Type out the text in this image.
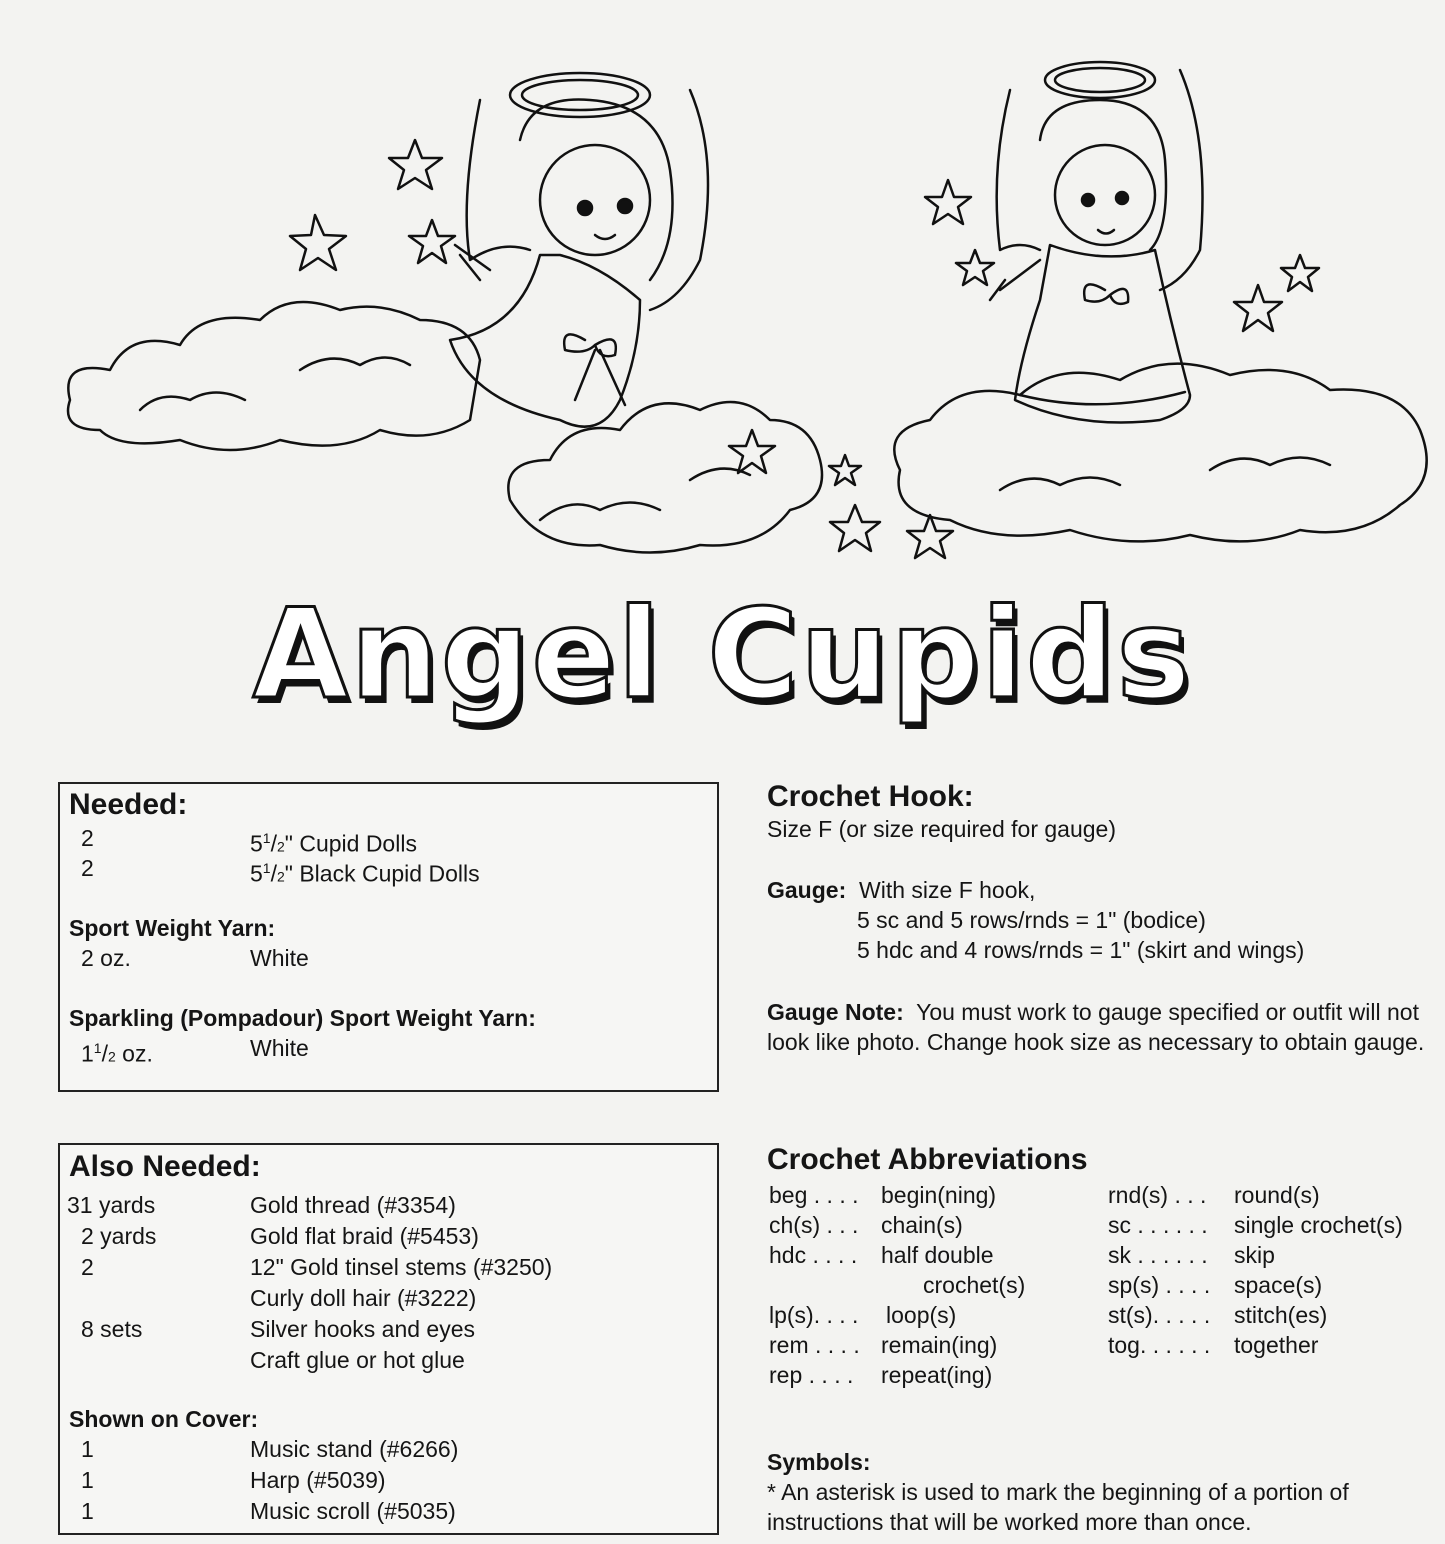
Angel Cupids
Needed:
2	$5^1/2$" Cupid Dolls
2	$5^1/2$" Black Cupid Dolls
Sport Weight Yarn:
2 oz.	White
Sparkling (Pompadour) Sport Weight Yarn:
$1^1/2$ oz.	White
Also Needed:
31 yards	Gold thread (#3354)
2 yards	Gold flat braid (#5453)
2	12" Gold tinsel stems (#3250)
Curly doll hair (#3222)
8 sets	Silver hooks and eyes
Craft glue or hot glue
Shown on Cover:
1	Music stand (#6266)
1	Harp (#5039)
1	Music scroll (#5035)
Crochet Hook:
Size F (or size required for gauge)
Gauge: With size F hook,
5 sc and 5 rows/rnds = 1" (bodice)
5 hdc and 4 rows/rnds = 1" (skirt and wings)
Gauge Note: You must work to gauge specified or outfit will not look like photo. Change hook size as necessary to obtain gauge.
Crochet Abbreviations
beg . . . . begin(ning)
ch(s) . . . chain(s)
hdc . . . . half double
crochet(s)
lp(s). . . . loop(s)
rem . . . . remain(ing)
rep . . . . repeat(ing)
rnd(s) . . . round(s)
sc . . . . . . single crochet(s)
sk . . . . . . skip
sp(s) . . . . space(s)
st(s). . . . . stitch(es)
tog. . . . . . together
Symbols:
* An asterisk is used to mark the beginning of a portion of instructions that will be worked more than once.
